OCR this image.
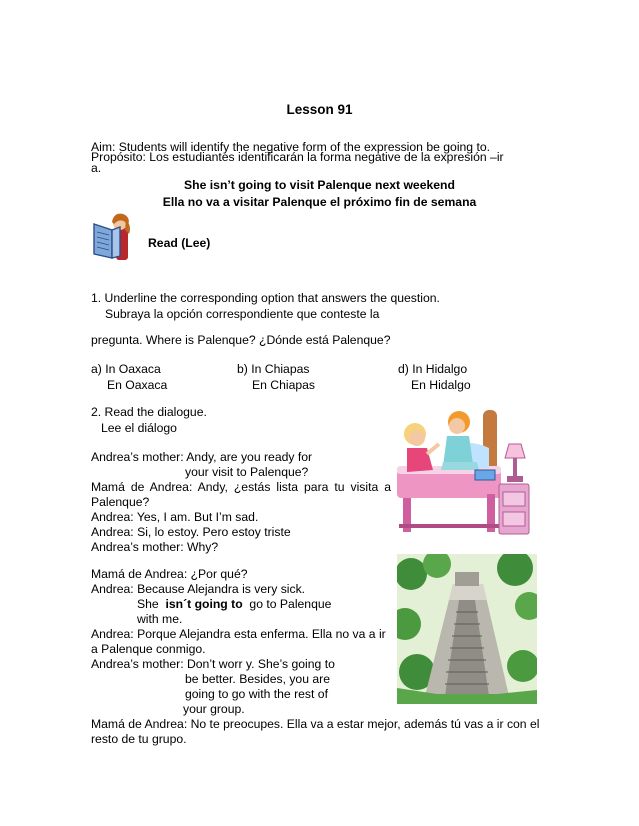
Lesson 91
Aim: Students will identify the negative form of the expression be going to.
Propósito: Los estudiantes identificarán la forma negative de la expresión –ir
a.
She isn’t going to visit Palenque next weekend
Ella no va a visitar Palenque el próximo fin de semana
Read (Lee)
1. Underline the corresponding option that answers the question.
Subraya la opción correspondiente que conteste la
pregunta. Where is Palenque? ¿Dónde está Palenque?
a) In Oaxaca
En Oaxaca
b) In Chiapas
En Chiapas
d) In Hidalgo
En Hidalgo
2. Read the dialogue.
Lee el diálogo
Andrea’s mother: Andy, are you ready for
your visit to Palenque?
Mamá de Andrea: Andy, ¿estás lista para tu visita a
Palenque?
Andrea: Yes, I am. But I’m sad.
Andrea: Si, lo estoy. Pero estoy triste
Andrea’s mother: Why?
Mamá de Andrea: ¿Por qué?
Andrea: Because Alejandra is very sick.
She isn´t going to go to Palenque
with me.
Andrea: Porque Alejandra esta enferma. Ella no va a ir
a Palenque conmigo.
Andrea’s mother: Don’t worr y. She’s going to
be better. Besides, you are
going to go with the rest of
your group.
Mamá de Andrea: No te preocupes. Ella va a estar mejor, además tú vas a ir con el
resto de tu grupo.
